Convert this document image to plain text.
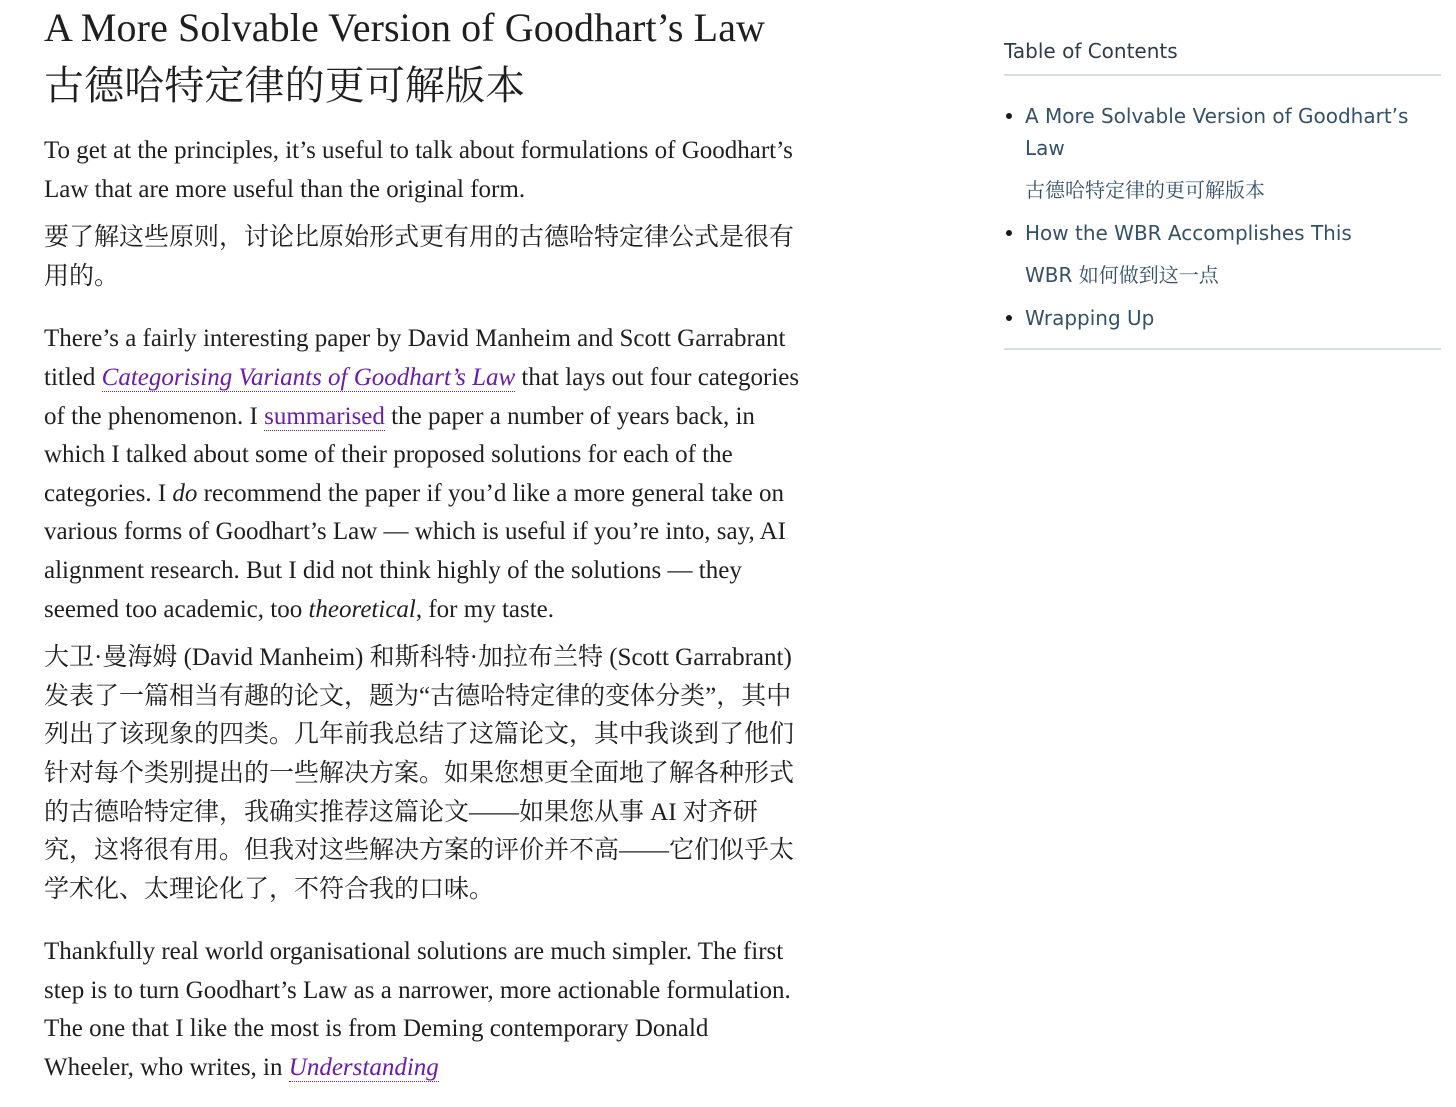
A More Solvable Version of Goodhart’s Law
古德哈特定律的更可解版本

To get at the principles, it’s useful to talk about formulations of Goodhart’s Law that are more useful than the original form.

要了解这些原则，讨论比原始形式更有用的古德哈特定律公式是很有用的。

There’s a fairly interesting paper by David Manheim and Scott Garrabrant titled Categorising Variants of Goodhart’s Law that lays out four categories of the phenomenon. I summarised the paper a number of years back, in which I talked about some of their proposed solutions for each of the categories. I do recommend the paper if you’d like a more general take on various forms of Goodhart’s Law — which is useful if you’re into, say, AI alignment research. But I did not think highly of the solutions — they seemed too academic, too theoretical, for my taste.

大卫·曼海姆 (David Manheim) 和斯科特·加拉布兰特 (Scott Garrabrant) 发表了一篇相当有趣的论文，题为“古德哈特定律的变体分类”，其中列出了该现象的四类。几年前我总结了这篇论文，其中我谈到了他们针对每个类别提出的一些解决方案。如果您想更全面地了解各种形式的古德哈特定律，我确实推荐这篇论文——如果您从事 AI 对齐研究，这将很有用。但我对这些解决方案的评价并不高——它们似乎太学术化、太理论化了，不符合我的口味。

Thankfully real world organisational solutions are much simpler. The first step is to turn Goodhart’s Law as a narrower, more actionable formulation. The one that I like the most is from Deming contemporary Donald Wheeler, who writes, in Understanding

Table of Contents
A More Solvable Version of Goodhart’s Law
古德哈特定律的更可解版本
How the WBR Accomplishes This
WBR 如何做到这一点
Wrapping Up
